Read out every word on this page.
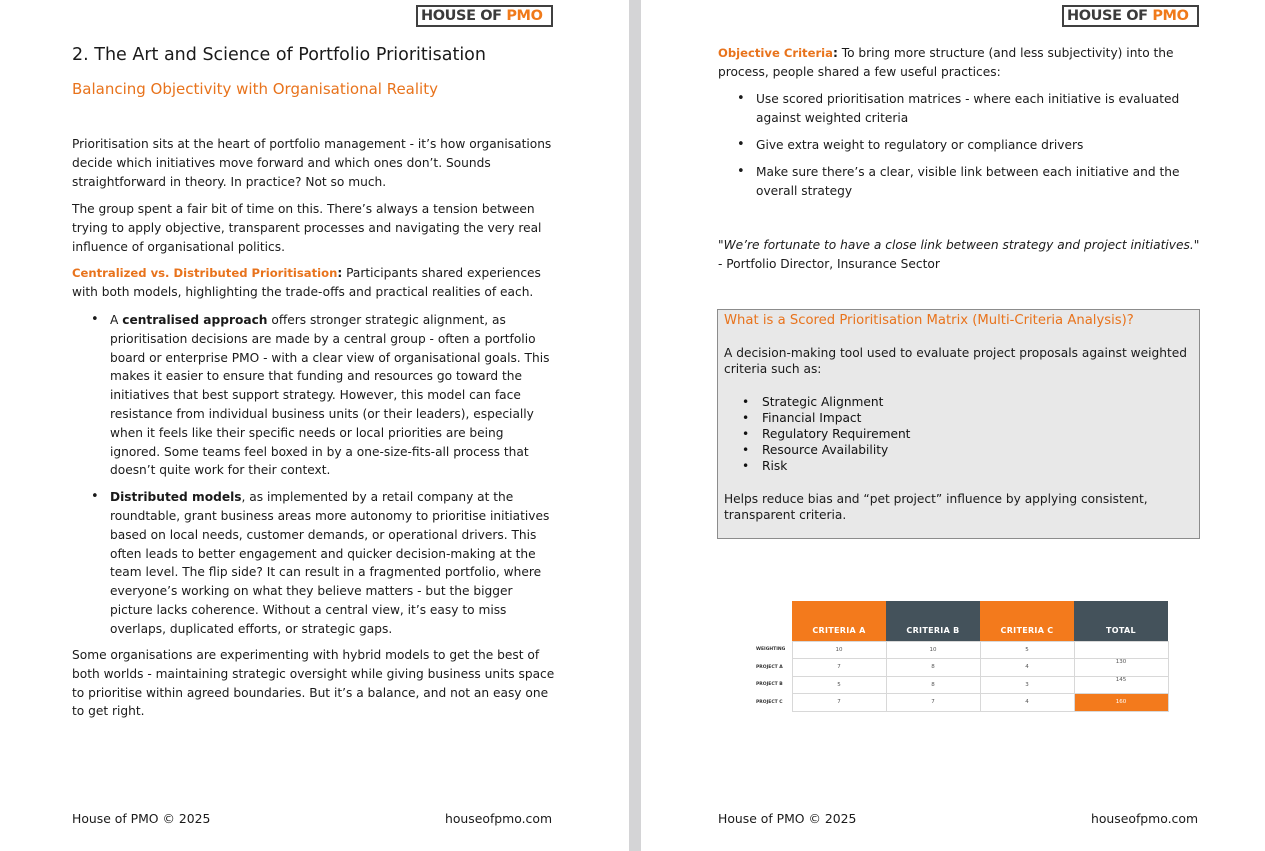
HOUSE OF PMO
2. The Art and Science of Portfolio Prioritisation
Balancing Objectivity with Organisational Reality

Prioritisation sits at the heart of portfolio management - it’s how organisations decide which initiatives move forward and which ones don’t. Sounds straightforward in theory. In practice? Not so much.

The group spent a fair bit of time on this. There’s always a tension between trying to apply objective, transparent processes and navigating the very real influence of organisational politics.

Centralized vs. Distributed Prioritisation: Participants shared experiences with both models, highlighting the trade-offs and practical realities of each.

• A centralised approach offers stronger strategic alignment, as prioritisation decisions are made by a central group - often a portfolio board or enterprise PMO - with a clear view of organisational goals. This makes it easier to ensure that funding and resources go toward the initiatives that best support strategy. However, this model can face resistance from individual business units (or their leaders), especially when it feels like their specific needs or local priorities are being ignored. Some teams feel boxed in by a one-size-fits-all process that doesn’t quite work for their context.
• Distributed models, as implemented by a retail company at the roundtable, grant business areas more autonomy to prioritise initiatives based on local needs, customer demands, or operational drivers. This often leads to better engagement and quicker decision-making at the team level. The flip side? It can result in a fragmented portfolio, where everyone’s working on what they believe matters - but the bigger picture lacks coherence. Without a central view, it’s easy to miss overlaps, duplicated efforts, or strategic gaps.

Some organisations are experimenting with hybrid models to get the best of both worlds - maintaining strategic oversight while giving business units space to prioritise within agreed boundaries. But it’s a balance, and not an easy one to get right.

House of PMO © 2025	houseofpmo.com
HOUSE OF PMO

Objective Criteria: To bring more structure (and less subjectivity) into the process, people shared a few useful practices:

• Use scored prioritisation matrices - where each initiative is evaluated against weighted criteria
• Give extra weight to regulatory or compliance drivers
• Make sure there’s a clear, visible link between each initiative and the overall strategy
"We’re fortunate to have a close link between strategy and project initiatives."
- Portfolio Director, Insurance Sector
What is a Scored Prioritisation Matrix (Multi-Criteria Analysis)?
A decision-making tool used to evaluate project proposals against weighted criteria such as:
• Strategic Alignment
• Financial Impact
• Regulatory Requirement
• Resource Availability
• Risk
Helps reduce bias and “pet project” influence by applying consistent, transparent criteria.
	CRITERIA A	CRITERIA B	CRITERIA C	TOTAL
WEIGHTING	10	10	5	
PROJECT A	7	8	4	130
PROJECT B	5	8	3	145
PROJECT C	7	7	4	160
House of PMO © 2025	houseofpmo.com
